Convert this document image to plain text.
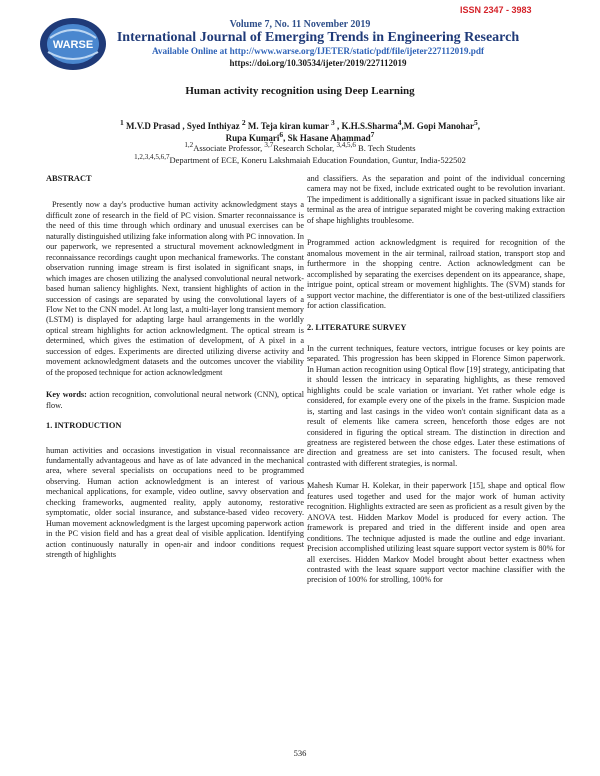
ISSN 2347 - 3983
WARSE
Volume 7, No. 11 November 2019
International Journal of Emerging Trends in Engineering Research
Available Online at http://www.warse.org/IJETER/static/pdf/file/ijeter227112019.pdf
https://doi.org/10.30534/ijeter/2019/227112019
Human activity recognition using Deep Learning
$^1$ M.V.D Prasad , Syed Inthiyaz $^2$ M. Teja kiran kumar $^3$ , K.H.S.Sharma$^4$,M. Gopi Manohar$^5$,
Rupa Kumari$^6$, Sk Hasane Ahammad$^7$
$^{1,2}$Associate Professor, $^{3,7}$Research Scholar, $^{3,4,5,6}$ B. Tech Students
$^{1,2,3,4,5,6,7}$Department of ECE, Koneru Lakshmaiah Education Foundation, Guntur, India-522502
ABSTRACT

Presently now a day's productive human activity acknowledgment stays a difficult zone of research in the field of PC vision. Smarter reconnaissance is the need of this time through which ordinary and unusual exercises can be naturally distinguished utilizing fake information along with PC innovation. In our paperwork, we represented a structural movement acknowledgment in reconnaissance recordings caught upon mechanical frameworks. The constant observation running image stream is first isolated in significant snaps, in which images are chosen utilizing the analysed convolutional neural network-based human saliency highlights. Next, transient highlights of action in the succession of casings are separated by using the convolutional layers of a Flow Net to the CNN model. At long last, a multi-layer long transient memory (LSTM) is displayed for adapting large haul arrangements in the worldly optical stream highlights for action acknowledgment. The optical stream is determined, which gives the estimation of development, of A pixel in a succession of edges. Experiments are directed utilizing diverse activity and movement acknowledgment datasets and the outcomes uncover the viability of the proposed technique for action acknowledgment

Key words: action recognition, convolutional neural network (CNN), optical flow.

1. INTRODUCTION

human activities and occasions investigation in visual reconnaissance are fundamentally advantageous and have as of late advanced in the mechanical area, where several specialists on occupations need to be programmed observing. Human action acknowledgment is an interest of various mechanical applications, for example, video outline, savvy observation and checking frameworks, augmented reality, apply autonomy, restorative symptomatic, older social insurance, and substance-based video recovery. Human movement acknowledgment is the largest upcoming paperwork action in the PC vision field and has a great deal of visible application. Identifying action continuously naturally in open-air and indoor conditions request strength of highlights

and classifiers. As the separation and point of the individual concerning camera may not be fixed, include extricated ought to be revolution invariant. The impediment is additionally a significant issue in packed situations like air terminal as the area of intrigue separated might be covering making extraction of shape highlights troublesome.

Programmed action acknowledgment is required for recognition of the anomalous movement in the air terminal, railroad station, transport stop and furthermore in the shopping centre. Action acknowledgment can be accomplished by separating the exercises dependent on its appearance, shape, intrigue point, optical stream or movement highlights. The (SVM) stands for support vector machine, the differentiator is one of the best-utilized classifiers for action classification.

2. LITERATURE SURVEY

In the current techniques, feature vectors, intrigue focuses or key points are separated. This progression has been skipped in Florence Simon paperwork. In Human action recognition using Optical flow [19] strategy, anticipating that it should lessen the intricacy in separating highlights, as these removed highlights could be scale variation or invariant. Yet rather whole edge is considered, for example every one of the pixels in the frame. Suspicion made is, starting and last casings in the video won't contain significant data as a result of elements like camera screen, henceforth those edges are not considered in figuring the optical stream. The distinction in direction and greatness are registered between the chose edges. Later these estimations of direction and greatness are set into canisters. The focused result, when contrasted with different strategies, is normal.

Mahesh Kumar H. Kolekar, in their paperwork [15], shape and optical flow features used together and used for the major work of human activity recognition. Highlights extracted are seen as proficient as a result given by the ANOVA test. Hidden Markov Model is produced for every action. The framework is prepared and tried in the different inside and open area conditions. The technique adjusted is made the outline and edge invariant. Precision accomplished utilizing least square support vector system is 80% for all exercises. Hidden Markov Model brought about better exactness when contrasted with the least square support vector machine classifier with the precision of 100% for strolling, 100% for

536
